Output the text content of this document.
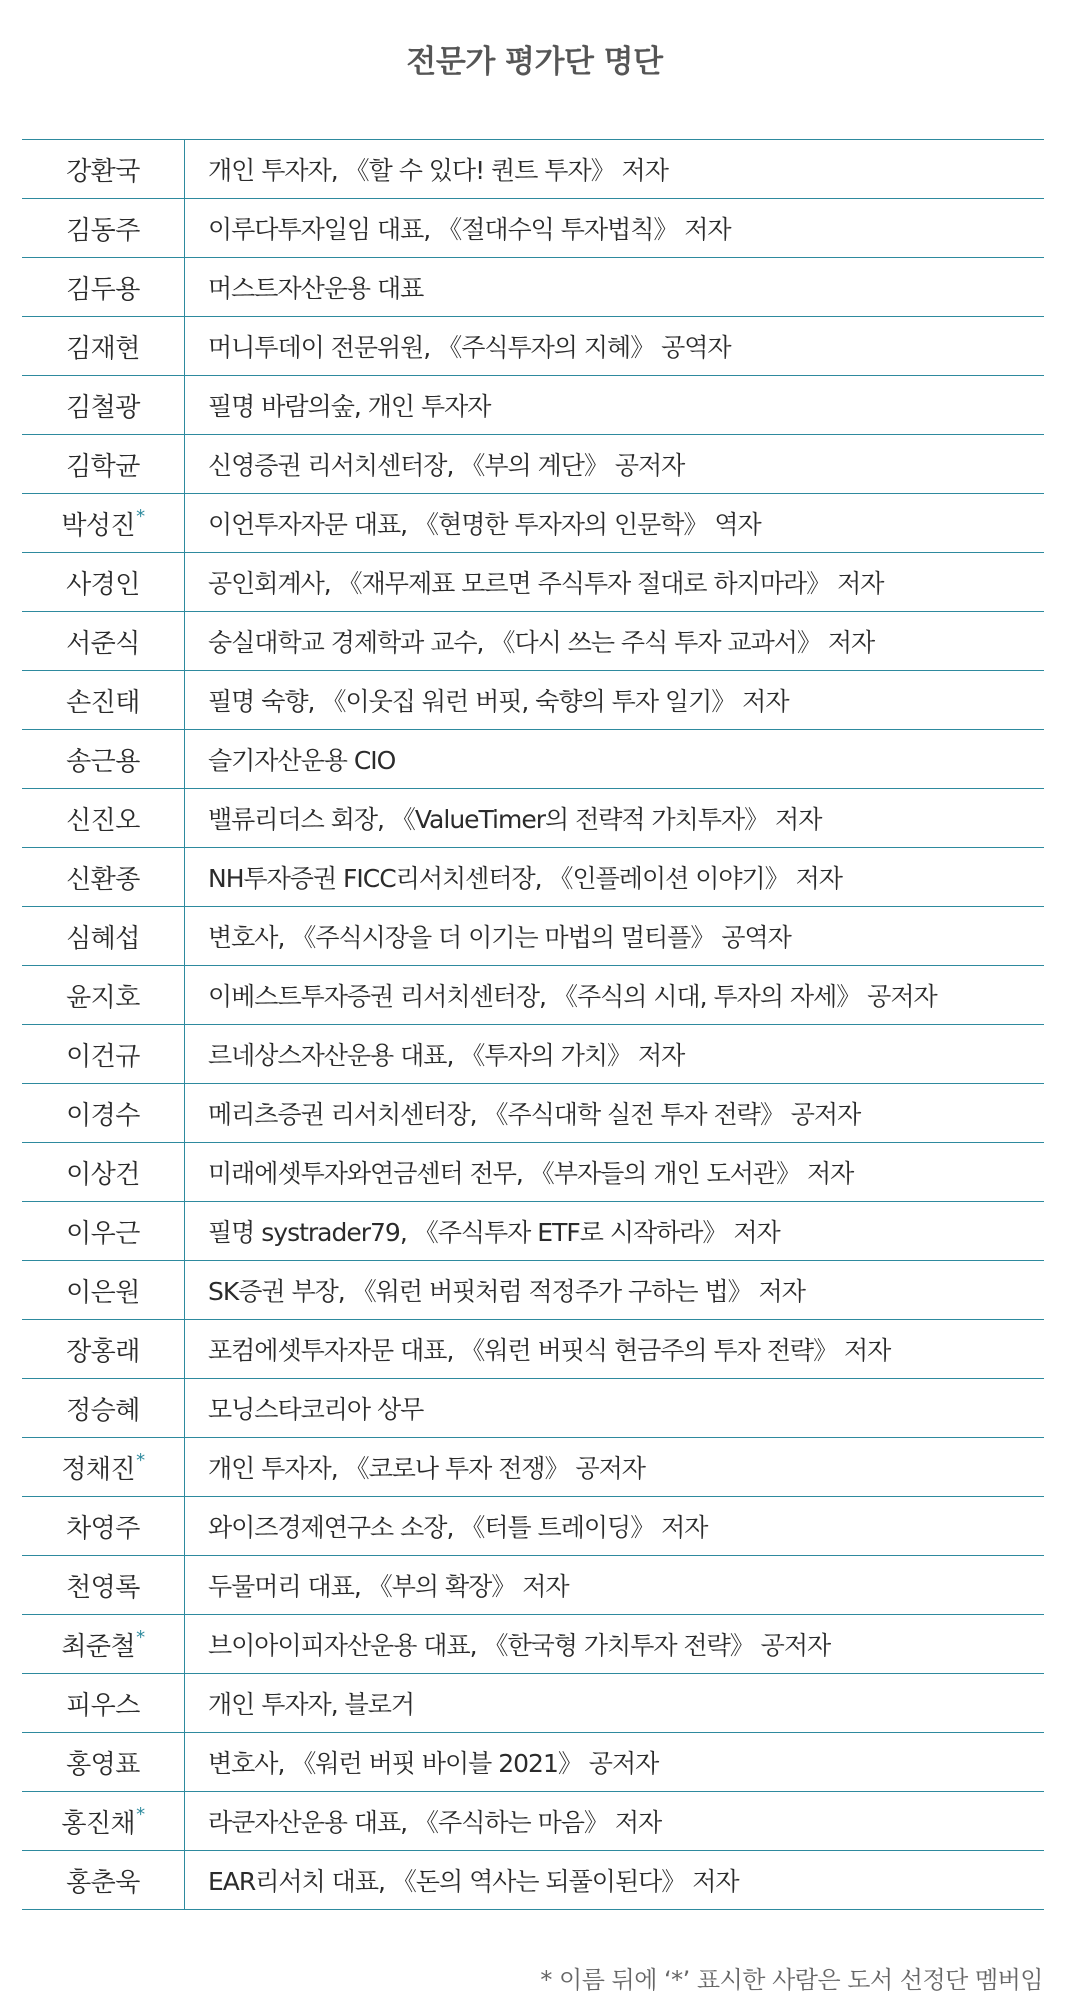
전문가 평가단 명단
강환국	개인 투자자, 《할 수 있다! 퀀트 투자》 저자
김동주	이루다투자일임 대표, 《절대수익 투자법칙》 저자
김두용	머스트자산운용 대표
김재현	머니투데이 전문위원, 《주식투자의 지혜》 공역자
김철광	필명 바람의숲, 개인 투자자
김학균	신영증권 리서치센터장, 《부의 계단》 공저자
박성진*	이언투자자문 대표, 《현명한 투자자의 인문학》 역자
사경인	공인회계사, 《재무제표 모르면 주식투자 절대로 하지마라》 저자
서준식	숭실대학교 경제학과 교수, 《다시 쓰는 주식 투자 교과서》 저자
손진태	필명 숙향, 《이웃집 워런 버핏, 숙향의 투자 일기》 저자
송근용	슬기자산운용 CIO
신진오	밸류리더스 회장, 《ValueTimer의 전략적 가치투자》 저자
신환종	NH투자증권 FICC리서치센터장, 《인플레이션 이야기》 저자
심혜섭	변호사, 《주식시장을 더 이기는 마법의 멀티플》 공역자
윤지호	이베스트투자증권 리서치센터장, 《주식의 시대, 투자의 자세》 공저자
이건규	르네상스자산운용 대표, 《투자의 가치》 저자
이경수	메리츠증권 리서치센터장, 《주식대학 실전 투자 전략》 공저자
이상건	미래에셋투자와연금센터 전무, 《부자들의 개인 도서관》 저자
이우근	필명 systrader79, 《주식투자 ETF로 시작하라》 저자
이은원	SK증권 부장, 《워런 버핏처럼 적정주가 구하는 법》 저자
장홍래	포컴에셋투자자문 대표, 《워런 버핏식 현금주의 투자 전략》 저자
정승혜	모닝스타코리아 상무
정채진*	개인 투자자, 《코로나 투자 전쟁》 공저자
차영주	와이즈경제연구소 소장, 《터틀 트레이딩》 저자
천영록	두물머리 대표, 《부의 확장》 저자
최준철*	브이아이피자산운용 대표, 《한국형 가치투자 전략》 공저자
피우스	개인 투자자, 블로거
홍영표	변호사, 《워런 버핏 바이블 2021》 공저자
홍진채*	라쿤자산운용 대표, 《주식하는 마음》 저자
홍춘욱	EAR리서치 대표, 《돈의 역사는 되풀이된다》 저자
* 이름 뒤에 ‘*’ 표시한 사람은 도서 선정단 멤버임
